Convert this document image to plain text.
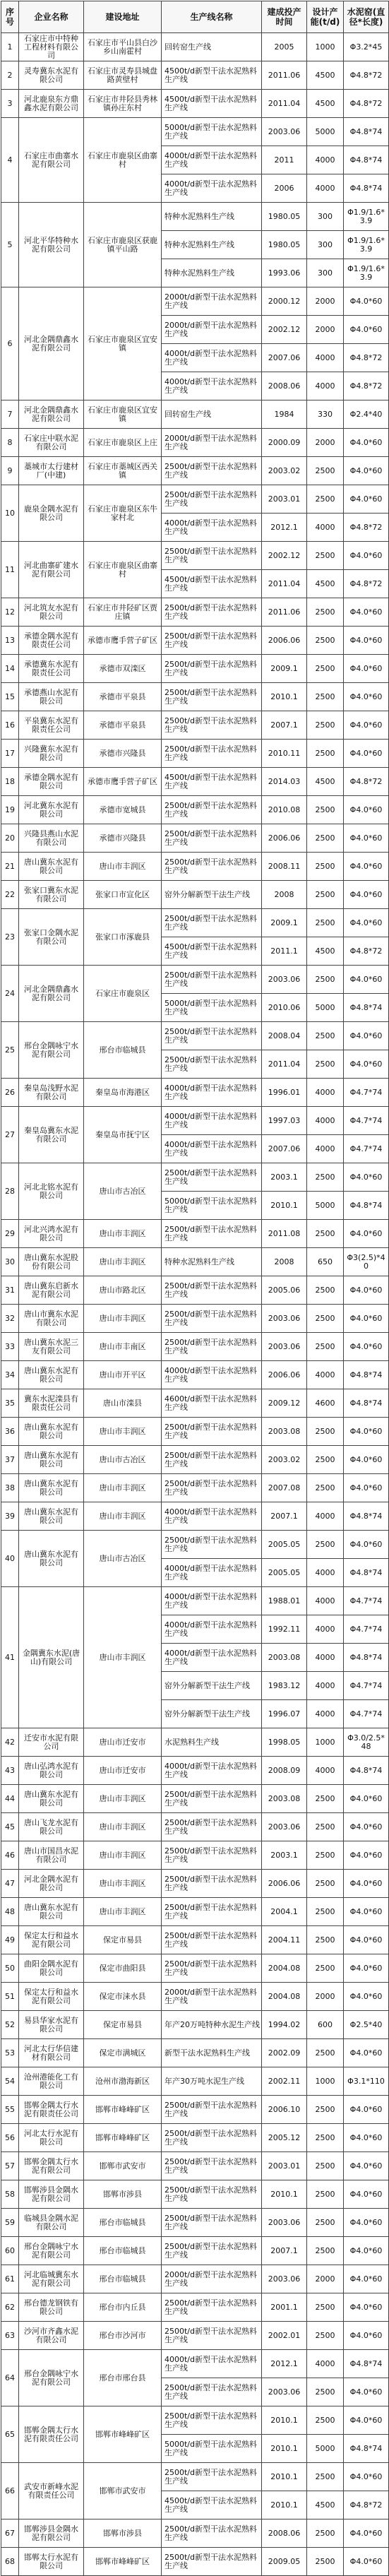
序号	企业名称	建设地址	生产线名称	建成投产时间	设计产能(t/d)	水泥窑(直径*长度)
1	石家庄市中特种工程材料有限公司	石家庄市平山县白沙乡山南霍村	回转窑生产线	2005	1000	Φ3.2*45
2	灵寿冀东水泥有限公司	石家庄市灵寿县城盘路黄壁村	4500t/d新型干法水泥熟料生产线	2011.06	4500	Φ4.8*72
3	河北鹿泉东方鼎鑫水泥有限公司	石家庄市井陉县秀林镇孙庄东村	4500t/d新型干法水泥熟料生产线	2011.04	4500	Φ4.8*72
4	石家庄市曲寨水泥有限公司	石家庄市鹿泉区曲寨村	5000t/d新型干法水泥熟料生产线	2003.06	5000	Φ4.8*74
			4000t/d新型干法水泥熟料生产线	2011	4000	Φ4.8*74
			4000t/d新型干法水泥熟料生产线	2006	4000	Φ4.8*74
5	河北平华特种水泥有限公司	石家庄市鹿泉区获鹿镇平山路	特种水泥熟料生产线	1980.05	300	Φ1.9/1.6*3.9
			特种水泥熟料生产线	1980.05	300	Φ1.9/1.6*3.9
			特种水泥熟料生产线	1993.06	300	Φ1.9/1.6*3.9
6	河北金隅鼎鑫水泥有限公司	石家庄市鹿泉区宜安镇	2000t/d新型干法水泥熟料生产线	2000.12	2000	Φ4.0*60
			2000t/d新型干法水泥熟料生产线	2002.12	2000	Φ4.0*60
			4000t/d新型干法水泥熟料生产线	2007.06	4000	Φ4.8*72
			4000t/d新型干法水泥熟料生产线	2008.06	4000	Φ4.8*72
7	河北金隅鼎鑫水泥有限公司	石家庄市鹿泉区宜安镇	回转窑生产线	1984	330	Φ2.4*40
8	石家庄中联水泥有限公司	石家庄市鹿泉区上庄	2000t/d新型干法水泥熟料生产线	2000.09	2000	Φ4.0*60
9	藁城市太行建材厂(中建)	石家庄市藁城区西关镇	2500t/d新型干法水泥熟料生产线	2003.02	2500	Φ4.0*60
10	鹿泉金隅水泥有限公司	石家庄市鹿泉区东牛家村北	2500t/d新型干法水泥熟料生产线	2003.01	2500	Φ4.0*60
			4000t/d新型干法水泥熟料生产线	2012.1	4000	Φ4.8*72
11	河北曲寨矿建水泥有限公司	石家庄市鹿泉区曲寨村	2500t/d新型干法水泥熟料生产线	2002.12	2500	Φ4.0*60
			4500t/d新型干法水泥熟料生产线	2011.04	4500	Φ4.8*72
12	河北筑友水泥有限公司	石家庄市井陉矿区贾庄镇	2500t/d新型干法水泥熟料生产线	2011.06	2500	Φ4.0*60
13	承德金隅水泥有限责任公司	承德市鹰手营子矿区	2500t/d新型干法水泥熟料生产线	2006.06	2500	Φ4.0*60
14	承德冀东水泥有限责任公司	承德市双滦区	2500t/d新型干法水泥熟料生产线	2009.1	2500	Φ4.0*60
15	承德燕山水泥有限公司	承德市平泉县	2500t/d新型干法水泥熟料生产线	2010.1	2500	Φ4.0*60
16	平泉冀东水泥有限责任公司	承德市平泉县	2500t/d新型干法水泥熟料生产线	2007.1	2500	Φ4.0*60
17	兴隆冀东水泥有限公司	承德市兴隆县	2500t/d新型干法水泥熟料生产线	2010.11	2500	Φ4.0*60
18	承德金隅水泥有限公司	承德市鹰手营子矿区	4500t/d新型干法水泥熟料生产线	2014.03	4500	Φ4.8*72
19	河北冀东水泥有限公司	承德市宽城县	2500t/d新型干法水泥熟料生产线	2010.08	2500	Φ4.0*60
20	兴隆县燕山水泥有限公司	承德市兴隆县	2500t/d新型干法水泥熟料生产线	2006.06	2500	Φ4.0*60
21	唐山冀东水泥有限公司	唐山市丰润区	2500t/d新型干法水泥熟料生产线	2008.11	2500	Φ4.0*60
22	张家口冀东水泥有限公司	张家口市宣化区	窑外分解新型干法生产线	2008	2500	Φ4.0*60
23	张家口金隅水泥有限公司	张家口市涿鹿县	2500t/d新型干法水泥熟料生产线	2009.1	2500	Φ4.0*60
			4500t/d新型干法水泥熟料生产线	2011.1	4500	Φ4.8*72
24	河北金隅鼎鑫水泥有限公司	石家庄市鹿泉区	2500t/d新型干法水泥熟料生产线	2003.06	2500	Φ4.0*60
			5000t/d新型干法水泥熟料生产线	2010.06	5000	Φ4.8*74
25	邢台金隅咏宁水泥有限公司	邢台市临城县	2500t/d新型干法水泥熟料生产线	2008.04	2500	Φ4.0*60
			2500t/d新型干法水泥熟料生产线	2011.04	2500	Φ4.0*60
26	秦皇岛浅野水泥有限公司	秦皇岛市海港区	4000t/d新型干法水泥熟料生产线	1996.01	4000	Φ4.7*74
27	秦皇岛冀东水泥有限公司	秦皇岛市抚宁区	4000t/d新型干法水泥熟料生产线	1997.03	4000	Φ4.7*74
			4000t/d新型干法水泥熟料生产线	2007.06	4000	Φ4.7*74
28	河北北铭水泥有限公司	唐山市古冶区	2500t/d新型干法水泥熟料生产线	2003.1	2500	Φ4.0*60
			5000t/d新型干法水泥熟料生产线	2010.1	5000	Φ4.8*74
29	河北兴鸿水泥有限公司	唐山市丰润区	2500t/d新型干法水泥熟料生产线	2011.08	2500	Φ4.0*60
30	唐山冀东水泥股份有限公司	唐山市丰润区	特种水泥熟料生产线	2008	650	Φ3(2.5)*40
31	唐山冀东启新水泥有限公司	唐山市路北区	2500t/d新型干法水泥熟料生产线	2005.06	2500	Φ4.0*60
32	唐山市冀东水泥有限公司	唐山市丰润区	2500t/d新型干法水泥熟料生产线	2003.06	2500	Φ4.0*60
33	唐山冀东水泥三友有限公司	唐山市丰南区	2500t/d新型干法水泥熟料生产线	2003.06	2500	Φ4.0*60
34	唐山冀东水泥有限公司	唐山市开平区	4000t/d新型干法水泥熟料生产线	2006.06	4000	Φ4.8*74
35	冀东水泥滦县有限责任公司	唐山市滦县	4600t/d新型干法水泥熟料生产线	2009.12	4600	Φ4.8*74
36	唐山冀东水泥有限公司	唐山市丰润区	2500t/d新型干法水泥熟料生产线	2003.08	2500	Φ4.0*60
37	唐山冀东水泥有限公司	唐山市古冶区	2500t/d新型干法水泥熟料生产线	2003.02	2500	Φ4.0*60
38	唐山冀东水泥有限公司	唐山市丰润区	2500t/d新型干法水泥熟料生产线	2007.08	2500	Φ4.0*60
39	唐山冀东水泥有限公司	唐山市丰润区	4000t/d新型干法水泥熟料生产线	2007.1	4000	Φ4.8*74
40	唐山冀东水泥有限公司	唐山市古冶区	2500t/d新型干法水泥熟料生产线	2005.05	2500	Φ4.0*60
			4000t/d新型干法水泥熟料生产线	2005.05	4000	Φ4.8*74
41	金隅冀东水泥(唐山)有限公司	唐山市丰润区	4000t/d新型干法水泥熟料生产线	1988.01	4000	Φ4.7*74
			4000t/d新型干法水泥熟料生产线	1992.11	4000	Φ4.7*74
			4000t/d新型干法水泥熟料生产线	2003.08	4000	Φ4.8*74
			窑外分解新型干法生产线	1983.12	4000	Φ4.7*74
			窑外分解新型干法生产线	1996.07	4000	Φ4.7*74
42	迁安市水泥有限公司	唐山市迁安市	水泥熟料生产线	1998.05	1000	Φ3.0/2.5*48
43	唐山弘鸿水泥有限公司	唐山市迁安市	4000t/d新型干法水泥熟料生产线	2008.09	4000	Φ4.8*74
44	唐山冀东水泥有限公司	唐山市丰润区	2500t/d新型干法水泥熟料生产线	2003.08	2500	Φ4.0*60
45	唐山飞龙水泥有限公司	唐山市丰润区	2500t/d新型干法水泥熟料生产线	2003.06	2500	Φ4.0*60
46	唐山市国昌水泥有限公司	唐山市丰润区	2500t/d新型干法水泥熟料生产线	2003.1	2500	Φ4.0*60
47	河北金隅水泥有限公司	唐山市丰润区	2500t/d新型干法水泥熟料生产线	2006.06	2500	Φ4.0*60
48	唐山冀东水泥有限公司	唐山市丰润区	2500t/d新型干法水泥熟料生产线	2004.1	2500	Φ4.0*60
49	保定太行和益水泥有限公司	保定市易县	2500t/d新型干法水泥熟料生产线	2004.11	2500	Φ4.0*60
50	曲阳金隅水泥有限公司	保定市曲阳县	2500t/d新型干法水泥熟料生产线	2004.08	2500	Φ4.0*60
51	保定太行和益水泥有限公司	保定市涞水县	2000t/d新型干法水泥熟料生产线	2004.08	2000	Φ4.0*60
52	易县华家水泥有限公司	保定市易县	年产20万吨特种水泥生产线	1994.02	600	Φ2.5*40
53	河北太行华信建材有限公司	保定市满城区	新型干法水泥熟料生产线	2002.09	2500	Φ4.0*60
54	沧州港能化工有限公司	沧州市渤海新区	年产30万吨水泥生产线	2002.11	1000	Φ3.1*110
55	邯郸金隅太行水泥有限责任公司	邯郸市峰峰矿区	2500t/d新型干法水泥熟料生产线	2006.10	2500	Φ4.0*60
56	河北太行水泥有限公司	邯郸市峰峰矿区	2500t/d新型干法水泥熟料生产线	2005.12	2500	Φ4.0*60
57	邯郸金隅太行水泥有限公司	邯郸市武安市	2500t/d新型干法水泥熟料生产线	2003.01	2500	Φ4.0*60
58	邯郸涉县金隅水泥有限公司	邯郸市涉县	2500t/d新型干法水泥熟料生产线	2010.1	2500	Φ4.0*60
59	临城县金隅水泥有限公司	邢台市临城县	2500t/d新型干法水泥熟料生产线	2003.06	2500	Φ4.0*60
60	邢台金隅咏宁水泥有限公司	邢台市临城县	2500t/d新型干法水泥熟料生产线	2007.1	2500	Φ4.0*60
61	河北临城冀东水泥有限公司	邢台市临城县	2000t/d新型干法水泥熟料生产线	2003.06	2000	Φ4.0*60
62	邢台德龙钢铁有限公司	邢台市内丘县	2500t/d新型干法水泥熟料生产线	2001.1	2500	Φ4.0*60
63	沙河市齐鑫水泥有限公司	邢台市沙河市	2500t/d新型干法水泥熟料生产线	2002.01	2500	Φ4.0*60
64	邢台金隅咏宁水泥有限公司	邢台市邢台县	4000t/d新型干法水泥熟料生产线	2012.1	4000	Φ4.8*74
			2500t/d新型干法水泥熟料生产线	2003.06	2500	Φ4.0*60
65	邯郸金隅太行水泥有限责任公司	邯郸市峰峰矿区	2500t/d新型干法水泥熟料生产线	2010.1	2500	Φ4.0*60
			5000t/d新型干法水泥熟料生产线	2010.1	5000	Φ4.8*74
66	武安市新峰水泥有限责任公司	邯郸市武安市	2500t/d新型干法水泥熟料生产线	2010.1	2500	Φ4.0*60
			4500t/d新型干法水泥熟料生产线	2010.1	4500	Φ4.8*72
67	邯郸涉县金隅水泥有限公司	邯郸市涉县	2500t/d新型干法水泥熟料生产线	2008.06	2500	Φ4.0*60
68	邯郸太行水泥有限公司	邯郸市峰峰矿区	2500t/d新型干法水泥熟料生产线	2009.05	2500	Φ4.0*60
